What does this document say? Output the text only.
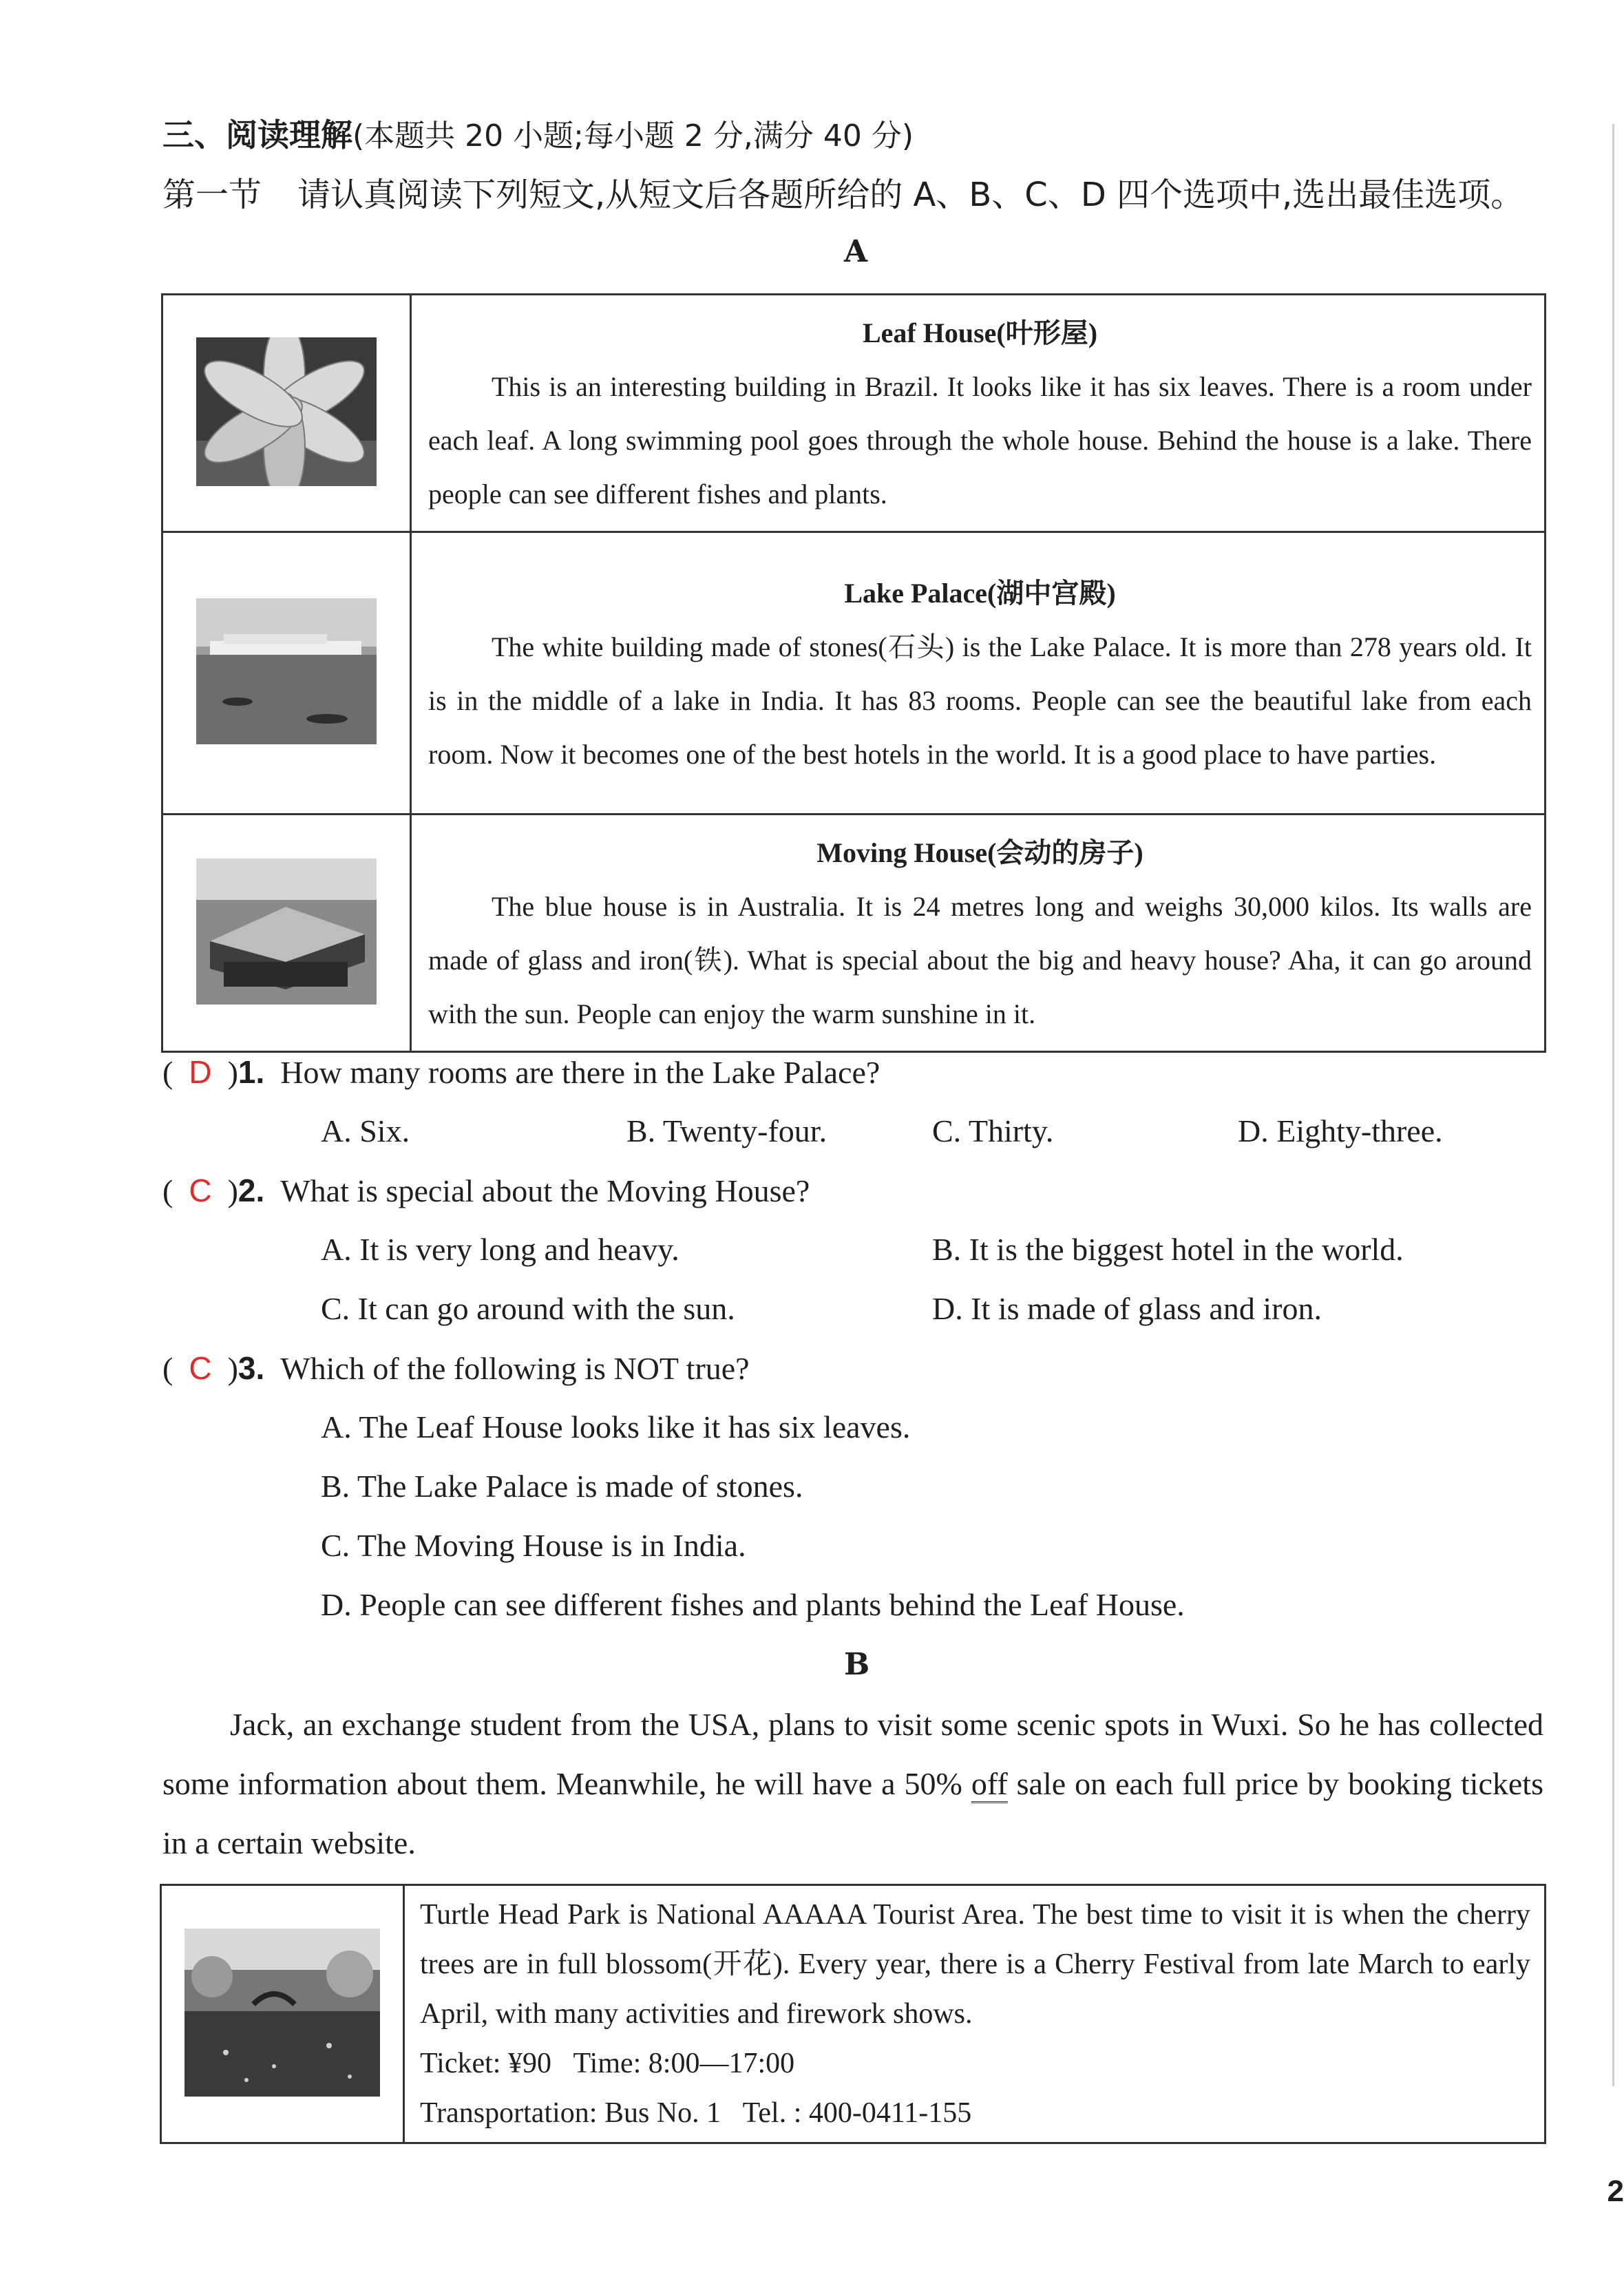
三、阅读理解(本题共 20 小题;每小题 2 分,满分 40 分)
第一节 请认真阅读下列短文,从短文后各题所给的 A、B、C、D 四个选项中,选出最佳选项。
A

Leaf House(叶形屋)

This is an interesting building in Brazil. It looks like it has six leaves. There is a room under each leaf. A long swimming pool goes through the whole house. Behind the house is a lake. There people can see different fishes and plants.

Lake Palace(湖中宫殿)

The white building made of stones(石头) is the Lake Palace. It is more than 278 years old. It is in the middle of a lake in India. It has 83 rooms. People can see the beautiful lake from each room. Now it becomes one of the best hotels in the world. It is a good place to have parties.

Moving House(会动的房子)

The blue house is in Australia. It is 24 metres long and weighs 30,000 kilos. Its walls are made of glass and iron(铁). What is special about the big and heavy house? Aha, it can go around with the sun. People can enjoy the warm sunshine in it.

(  D  )1. How many rooms are there in the Lake Palace?
A. Six.	B. Twenty-four.	C. Thirty.	D. Eighty-three.
(  C  )2. What is special about the Moving House?
A. It is very long and heavy.	B. It is the biggest hotel in the world.
C. It can go around with the sun.	D. It is made of glass and iron.
(  C  )3. Which of the following is NOT true?
A. The Leaf House looks like it has six leaves.
B. The Lake Palace is made of stones.
C. The Moving House is in India.
D. People can see different fishes and plants behind the Leaf House.
B

Jack, an exchange student from the USA, plans to visit some scenic spots in Wuxi. So he has collected some information about them. Meanwhile, he will have a 50% off sale on each full price by booking tickets in a certain website.

Turtle Head Park is National AAAAA Tourist Area. The best time to visit it is when the cherry trees are in full blossom(开花). Every year, there is a Cherry Festival from late March to early April, with many activities and firework shows.
Ticket: ¥90 Time: 8:00—17:00
Transportation: Bus No. 1 Tel. : 400-0411-155
2
